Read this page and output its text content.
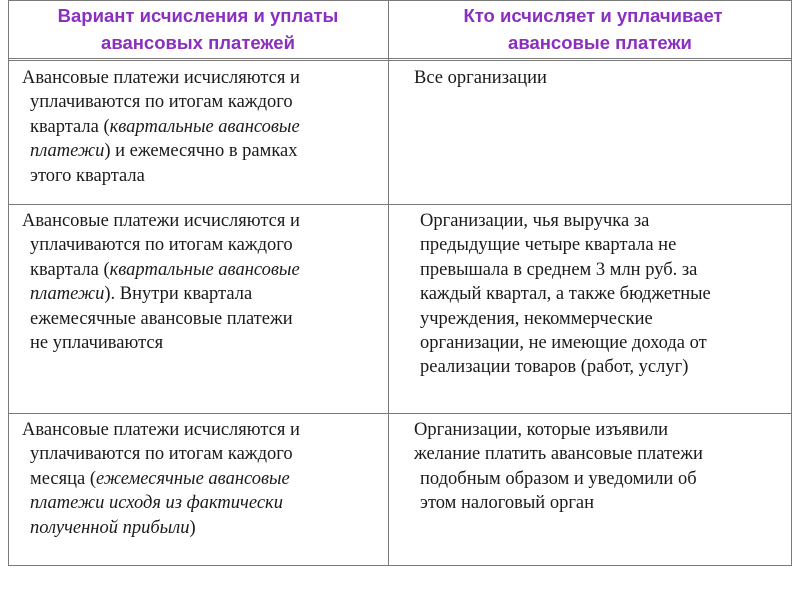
Вариант исчисления и уплаты
авансовых платежей
Кто исчисляет и уплачивает
авансовые платежи
Авансовые платежи исчисляются и
уплачиваются по итогам каждого
квартала (квартальные авансовые
платежи) и ежемесячно в рамках
этого квартала
Все организации
Авансовые платежи исчисляются и
уплачиваются по итогам каждого
квартала (квартальные авансовые
платежи). Внутри квартала
ежемесячные авансовые платежи
не уплачиваются
Организации, чья выручка за
предыдущие четыре квартала не
превышала в среднем 3 млн руб. за
каждый квартал, а также бюджетные
учреждения, некоммерческие
организации, не имеющие дохода от
реализации товаров (работ, услуг)
Авансовые платежи исчисляются и
уплачиваются по итогам каждого
месяца (ежемесячные авансовые
платежи исходя из фактически
полученной прибыли)
Организации, которые изъявили
желание платить авансовые платежи
подобным образом и уведомили об
этом налоговый орган
